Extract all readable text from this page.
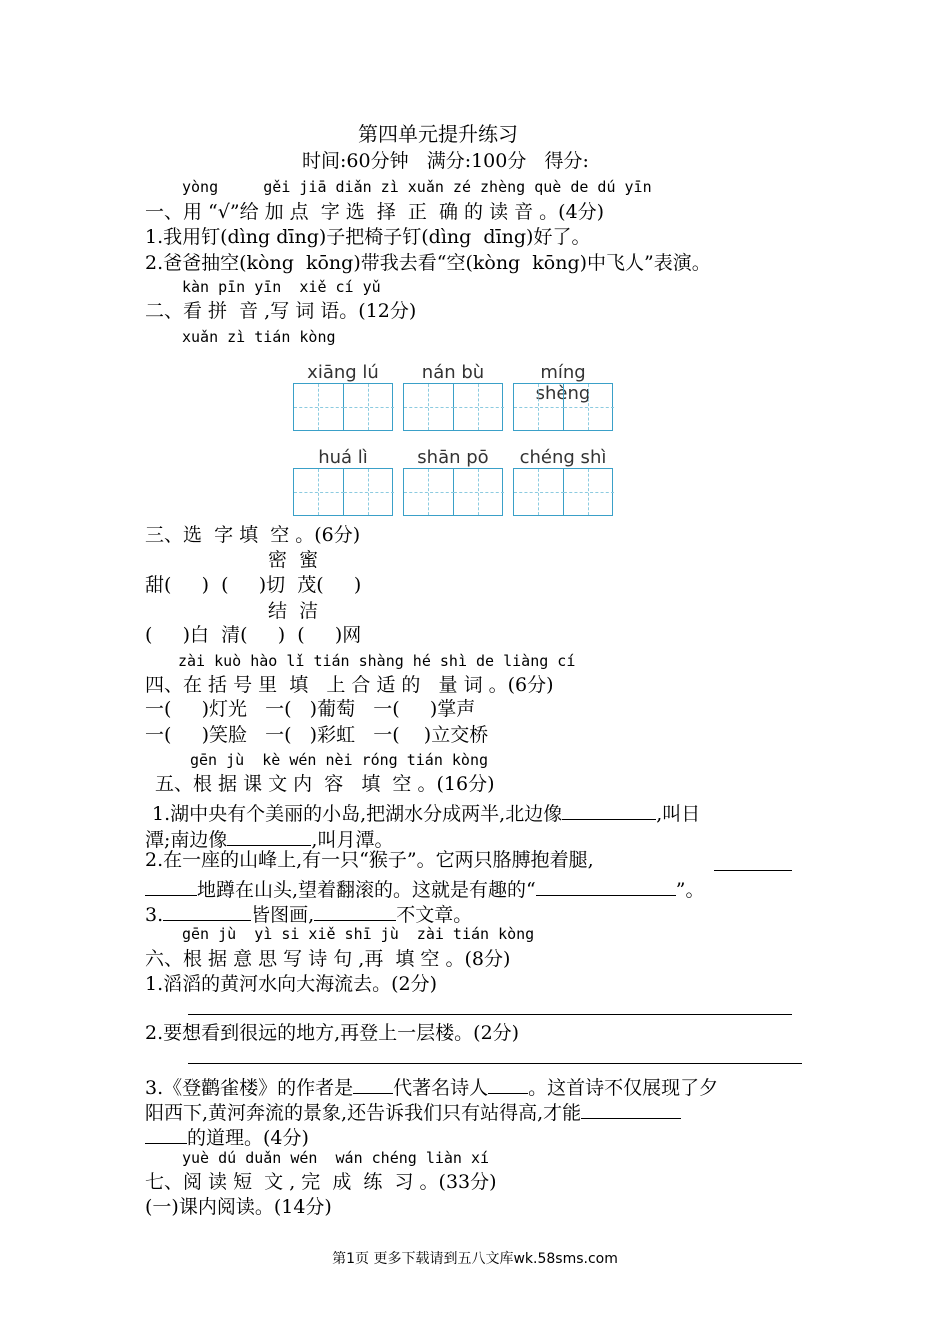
第四单元提升练习
时间:60分钟   满分:100分   得分:
yòng     gěi jiā diǎn zì xuǎn zé zhèng què de dú yīn
一、用 “√”给 加 点  字 选  择  正  确 的 读 音 。(4分)
1.我用钉(dìng dīng)子把椅子钉(dìng  dīng)好了。
2.爸爸抽空(kòng  kōng)带我去看“空(kòng  kōng)中飞人”表演。
kàn pīn yīn  xiě cí yǔ
二、看 拼  音 ,写 词 语。(12分)
xuǎn zì tián kòng
xiāng lú	nán bù	míng shèng
huá lì	shān pō	chéng shì
三、选  字 填  空 。(6分)
密  蜜
甜(     )  (     )切  茂(     )
结  洁
(     )白  清(     )  (     )网
zài kuò hào lǐ tián shàng hé shì de liàng cí
四、在 括 号 里  填   上 合 适 的   量 词 。(6分)
一(     )灯光   一(   )葡萄   一(     )掌声
一(     )笑脸   一(   )彩虹   一(    )立交桥
gēn jù  kè wén nèi róng tián kòng
五、根 据 课 文 内  容   填  空 。(16分)
1.湖中央有个美丽的小岛,把湖水分成两半,北边像	,叫日
潭;南边像	,叫月潭。
2.在一座的山峰上,有一只“猴子”。它两只胳膊抱着腿,
地蹲在山头,望着翻滚的。这就是有趣的“	”。
3.	皆图画,	不文章。
gēn jù  yì si xiě shī jù  zài tián kòng
六、根 据 意 思 写 诗 句 ,再  填 空 。(8分)
1.滔滔的黄河水向大海流去。(2分)
2.要想看到很远的地方,再登上一层楼。(2分)
3.《登鹳雀楼》的作者是 代著名诗人 。这首诗不仅展现了夕
阳西下,黄河奔流的景象,还告诉我们只有站得高,才能
的道理。(4分)
yuè dú duǎn wén  wán chéng liàn xí
七、阅 读 短  文 , 完  成  练  习 。(33分)
(一)课内阅读。(14分)
第1页 更多下载请到五八文库wk.58sms.com
